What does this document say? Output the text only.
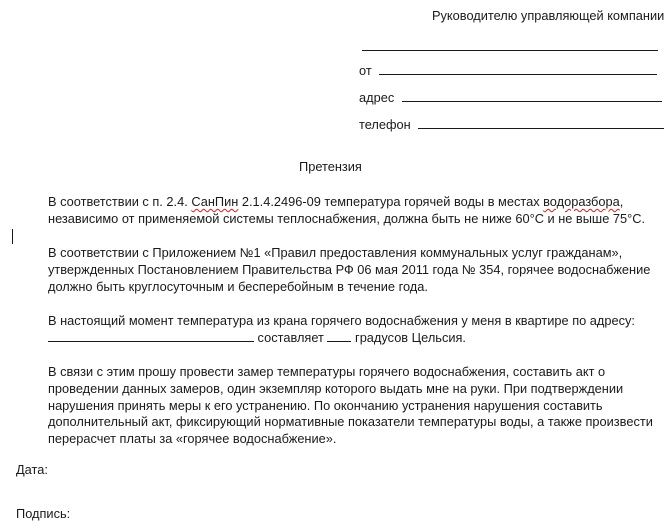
Руководителю управляющей компании
от
адрес
телефон
Претензия
В соответствии с п. 2.4. СанПин 2.1.4.2496-09 температура горячей воды в местах водоразбора,
независимо от применяемой системы теплоснабжения, должна быть не ниже 60°С и не выше 75°С.
В соответствии с Приложением №1 «Правил предоставления коммунальных услуг гражданам»,
утвержденных Постановлением Правительства РФ 06 мая 2011 года № 354, горячее водоснабжение
должно быть круглосуточным и бесперебойным в течение года.
В настоящий момент температура из крана горячего водоснабжения у меня в квартире по адресу:
составляет  градусов Цельсия.
В связи с этим прошу провести замер температуры горячего водоснабжения, составить акт о
проведении данных замеров, один экземпляр которого выдать мне на руки. При подтверждении
нарушения принять меры к его устранению. По окончанию устранения нарушения составить
дополнительный акт, фиксирующий нормативные показатели температуры воды, а также произвести
перерасчет платы за «горячее водоснабжение».
Дата:
Подпись:
